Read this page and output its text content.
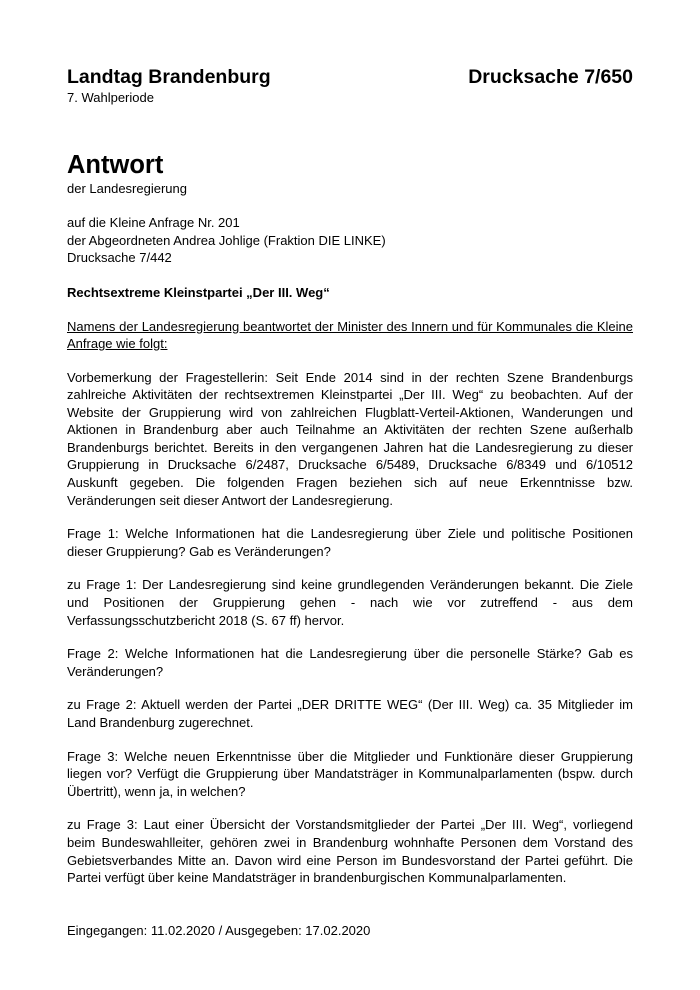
Landtag Brandenburg	Drucksache 7/650
7. Wahlperiode
Antwort
der Landesregierung
auf die Kleine Anfrage Nr. 201
der Abgeordneten Andrea Johlige (Fraktion DIE LINKE)
Drucksache 7/442
Rechtsextreme Kleinstpartei „Der III. Weg“
Namens der Landesregierung beantwortet der Minister des Innern und für Kommunales die Kleine Anfrage wie folgt:

Vorbemerkung der Fragestellerin: Seit Ende 2014 sind in der rechten Szene Brandenburgs zahlreiche Aktivitäten der rechtsextremen Kleinstpartei „Der III. Weg“ zu beobachten. Auf der Website der Gruppierung wird von zahlreichen Flugblatt-Verteil-Aktionen, Wanderungen und Aktionen in Brandenburg aber auch Teilnahme an Aktivitäten der rechten Szene außerhalb Brandenburgs berichtet. Bereits in den vergangenen Jahren hat die Landesregierung zu dieser Gruppierung in Drucksache 6/2487, Drucksache 6/5489, Drucksache 6/8349 und 6/10512 Auskunft gegeben. Die folgenden Fragen beziehen sich auf neue Erkenntnisse bzw. Veränderungen seit dieser Antwort der Landesregierung.

Frage 1: Welche Informationen hat die Landesregierung über Ziele und politische Positionen dieser Gruppierung? Gab es Veränderungen?

zu Frage 1: Der Landesregierung sind keine grundlegenden Veränderungen bekannt. Die Ziele und Positionen der Gruppierung gehen - nach wie vor zutreffend - aus dem Verfassungsschutzbericht 2018 (S. 67 ff) hervor.

Frage 2: Welche Informationen hat die Landesregierung über die personelle Stärke? Gab es Veränderungen?

zu Frage 2: Aktuell werden der Partei „DER DRITTE WEG“ (Der III. Weg) ca. 35 Mitglieder im Land Brandenburg zugerechnet.

Frage 3: Welche neuen Erkenntnisse über die Mitglieder und Funktionäre dieser Gruppierung liegen vor? Verfügt die Gruppierung über Mandatsträger in Kommunalparlamenten (bspw. durch Übertritt), wenn ja, in welchen?

zu Frage 3: Laut einer Übersicht der Vorstandsmitglieder der Partei „Der III. Weg“, vorliegend beim Bundeswahlleiter, gehören zwei in Brandenburg wohnhafte Personen dem Vorstand des Gebietsverbandes Mitte an. Davon wird eine Person im Bundesvorstand der Partei geführt. Die Partei verfügt über keine Mandatsträger in brandenburgischen Kommunalparlamenten.

Eingegangen: 11.02.2020 / Ausgegeben: 17.02.2020
